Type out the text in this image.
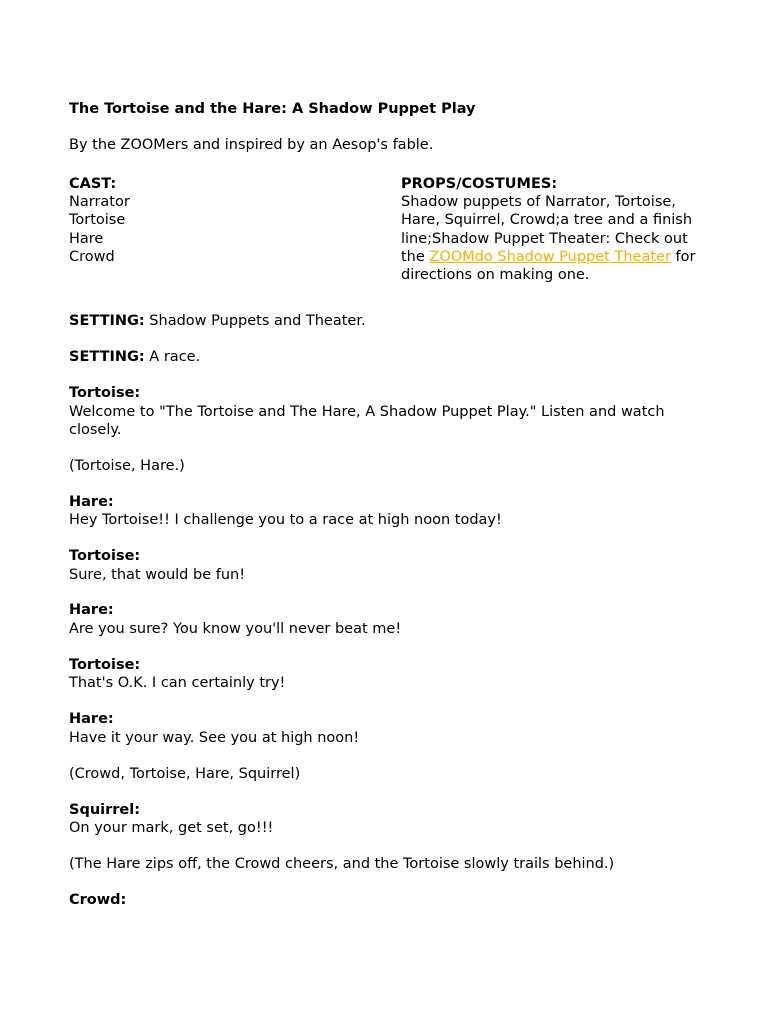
The Tortoise and the Hare: A Shadow Puppet Play
By the ZOOMers and inspired by an Aesop's fable.
CAST:
Narrator
Tortoise
Hare
Crowd
PROPS/COSTUMES:
Shadow puppets of Narrator, Tortoise,
Hare, Squirrel, Crowd;a tree and a finish
line;Shadow Puppet Theater: Check out
the ZOOMdo Shadow Puppet Theater for
directions on making one.
SETTING: Shadow Puppets and Theater.
SETTING: A race.
Tortoise:
Welcome to "The Tortoise and The Hare, A Shadow Puppet Play." Listen and watch
closely.
(Tortoise, Hare.)
Hare:
Hey Tortoise!! I challenge you to a race at high noon today!
Tortoise:
Sure, that would be fun!
Hare:
Are you sure? You know you'll never beat me!
Tortoise:
That's O.K. I can certainly try!
Hare:
Have it your way. See you at high noon!
(Crowd, Tortoise, Hare, Squirrel)
Squirrel:
On your mark, get set, go!!!
(The Hare zips off, the Crowd cheers, and the Tortoise slowly trails behind.)
Crowd:
